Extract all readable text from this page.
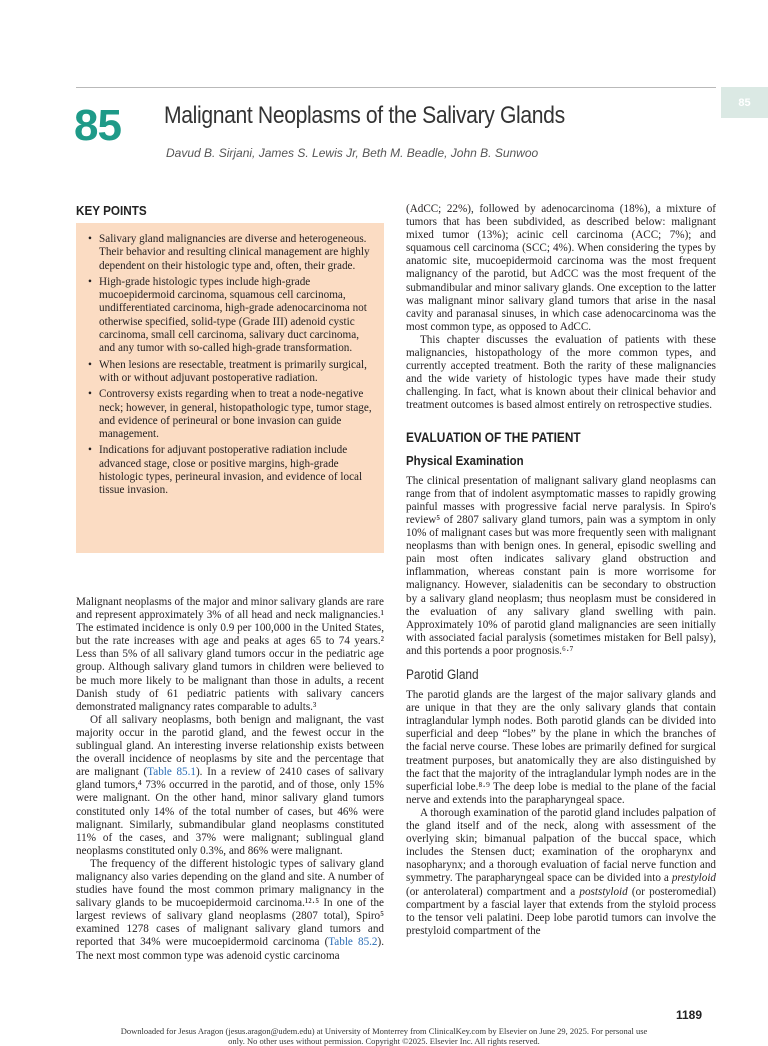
85
85 Malignant Neoplasms of the Salivary Glands
Davud B. Sirjani, James S. Lewis Jr, Beth M. Beadle, John B. Sunwoo
KEY POINTS
• Salivary gland malignancies are diverse and heterogeneous. Their behavior and resulting clinical management are highly dependent on their histologic type and, often, their grade.
• High-grade histologic types include high-grade mucoepidermoid carcinoma, squamous cell carcinoma, undifferentiated carcinoma, high-grade adenocarcinoma not otherwise specified, solid-type (Grade III) adenoid cystic carcinoma, small cell carcinoma, salivary duct carcinoma, and any tumor with so-called high-grade transformation.
• When lesions are resectable, treatment is primarily surgical, with or without adjuvant postoperative radiation.
• Controversy exists regarding when to treat a node-negative neck; however, in general, histopathologic type, tumor stage, and evidence of perineural or bone invasion can guide management.
• Indications for adjuvant postoperative radiation include advanced stage, close or positive margins, high-grade histologic types, perineural invasion, and evidence of local tissue invasion.

Malignant neoplasms of the major and minor salivary glands are rare and represent approximately 3% of all head and neck malignancies.¹ The estimated incidence is only 0.9 per 100,000 in the United States, but the rate increases with age and peaks at ages 65 to 74 years.² Less than 5% of all salivary gland tumors occur in the pediatric age group. Although salivary gland tumors in children were believed to be much more likely to be malignant than those in adults, a recent Danish study of 61 pediatric patients with salivary cancers demonstrated malignancy rates comparable to adults.³

Of all salivary neoplasms, both benign and malignant, the vast majority occur in the parotid gland, and the fewest occur in the sublingual gland. An interesting inverse relationship exists between the overall incidence of neoplasms by site and the percentage that are malignant (Table 85.1). In a review of 2410 cases of salivary gland tumors,⁴ 73% occurred in the parotid, and of those, only 15% were malignant. On the other hand, minor salivary gland tumors constituted only 14% of the total number of cases, but 46% were malignant. Similarly, submandibular gland neoplasms constituted 11% of the cases, and 37% were malignant; sublingual gland neoplasms constituted only 0.3%, and 86% were malignant.

The frequency of the different histologic types of salivary gland malignancy also varies depending on the gland and site. A number of studies have found the most common primary malignancy in the salivary glands to be mucoepidermoid carcinoma.¹²·⁵ In one of the largest reviews of salivary gland neoplasms (2807 total), Spiro⁵ examined 1278 cases of malignant salivary gland tumors and reported that 34% were mucoepidermoid carcinoma (Table 85.2). The next most common type was adenoid cystic carcinoma

(AdCC; 22%), followed by adenocarcinoma (18%), a mixture of tumors that has been subdivided, as described below: malignant mixed tumor (13%); acinic cell carcinoma (ACC; 7%); and squamous cell carcinoma (SCC; 4%). When considering the types by anatomic site, mucoepidermoid carcinoma was the most frequent malignancy of the parotid, but AdCC was the most frequent of the submandibular and minor salivary glands. One exception to the latter was malignant minor salivary gland tumors that arise in the nasal cavity and paranasal sinuses, in which case adenocarcinoma was the most common type, as opposed to AdCC.

This chapter discusses the evaluation of patients with these malignancies, histopathology of the more common types, and currently accepted treatment. Both the rarity of these malignancies and the wide variety of histologic types have made their study challenging. In fact, what is known about their clinical behavior and treatment outcomes is based almost entirely on retrospective studies.

EVALUATION OF THE PATIENT
Physical Examination

The clinical presentation of malignant salivary gland neoplasms can range from that of indolent asymptomatic masses to rapidly growing painful masses with progressive facial nerve paralysis. In Spiro's review⁵ of 2807 salivary gland tumors, pain was a symptom in only 10% of malignant cases but was more frequently seen with malignant neoplasms than with benign ones. In general, episodic swelling and pain most often indicates salivary gland obstruction and inflammation, whereas constant pain is more worrisome for malignancy. However, sialadenitis can be secondary to obstruction by a salivary gland neoplasm; thus neoplasm must be considered in the evaluation of any salivary gland swelling with pain. Approximately 10% of parotid gland malignancies are seen initially with associated facial paralysis (sometimes mistaken for Bell palsy), and this portends a poor prognosis.⁶·⁷

Parotid Gland

The parotid glands are the largest of the major salivary glands and are unique in that they are the only salivary glands that contain intraglandular lymph nodes. Both parotid glands can be divided into superficial and deep “lobes” by the plane in which the branches of the facial nerve course. These lobes are primarily defined for surgical treatment purposes, but anatomically they are also distinguished by the fact that the majority of the intraglandular lymph nodes are in the superficial lobe.⁸·⁹ The deep lobe is medial to the plane of the facial nerve and extends into the parapharyngeal space.

A thorough examination of the parotid gland includes palpation of the gland itself and of the neck, along with assessment of the overlying skin; bimanual palpation of the buccal space, which includes the Stensen duct; examination of the oropharynx and nasopharynx; and a thorough evaluation of facial nerve function and symmetry. The parapharyngeal space can be divided into a prestyloid (or anterolateral) compartment and a poststyloid (or posteromedial) compartment by a fascial layer that extends from the styloid process to the tensor veli palatini. Deep lobe parotid tumors can involve the prestyloid compartment of the

1189
Downloaded for Jesus Aragon (jesus.aragon@udem.edu) at University of Monterrey from ClinicalKey.com by Elsevier on June 29, 2025. For personal use only. No other uses without permission. Copyright ©2025. Elsevier Inc. All rights reserved.
